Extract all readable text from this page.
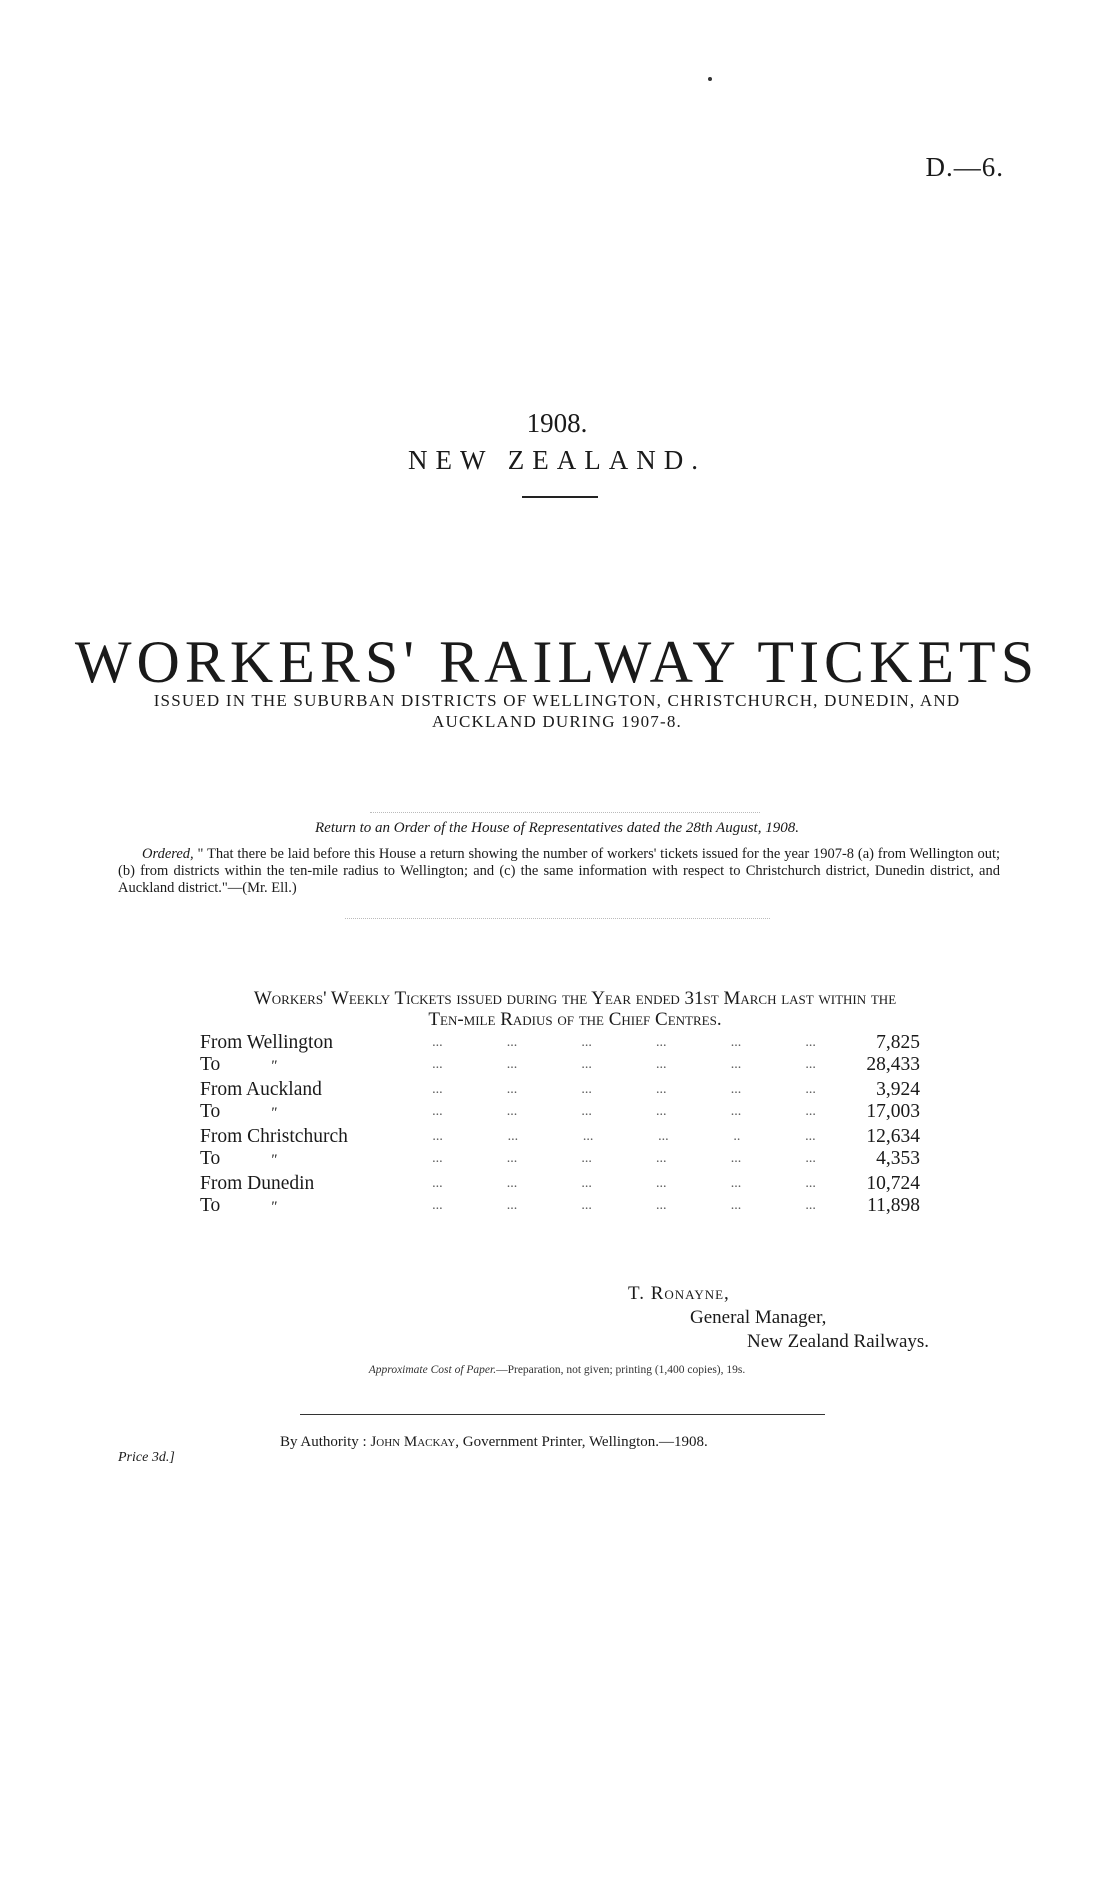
D.—6.
1908.
NEW ZEALAND.
WORKERS' RAILWAY TICKETS
ISSUED IN THE SUBURBAN DISTRICTS OF WELLINGTON, CHRISTCHURCH, DUNEDIN, AND AUCKLAND DURING 1907-8.
Return to an Order of the House of Representatives dated the 28th August, 1908.
Ordered, " That there be laid before this House a return showing the number of workers' tickets issued for the year 1907-8 (a) from Wellington out; (b) from districts within the ten-mile radius to Wellington; and (c) the same information with respect to Christchurch district, Dunedin district, and Auckland district."—(Mr. Ell.)
Workers' Weekly Tickets issued during the Year ended 31st March last within the
Ten-mile Radius of the Chief Centres.
From Wellington	...	...	...	...	...	...	7,825
To	"	...	...	...	...	...	...	28,433
From Auckland	...	...	...	...	...	...	3,924
To	"	...	...	...	...	...	...	17,003
From Christchurch	...	...	...	...	..	...	12,634
To	"	...	...	...	...	...	...	4,353
From Dunedin	...	...	...	...	...	...	10,724
To	"	...	...	...	...	...	...	11,898
T. Ronayne,
General Manager,
New Zealand Railways.
Approximate Cost of Paper.—Preparation, not given; printing (1,400 copies), 19s.
By Authority : John Mackay, Government Printer, Wellington.—1908.
Price 3d.]
